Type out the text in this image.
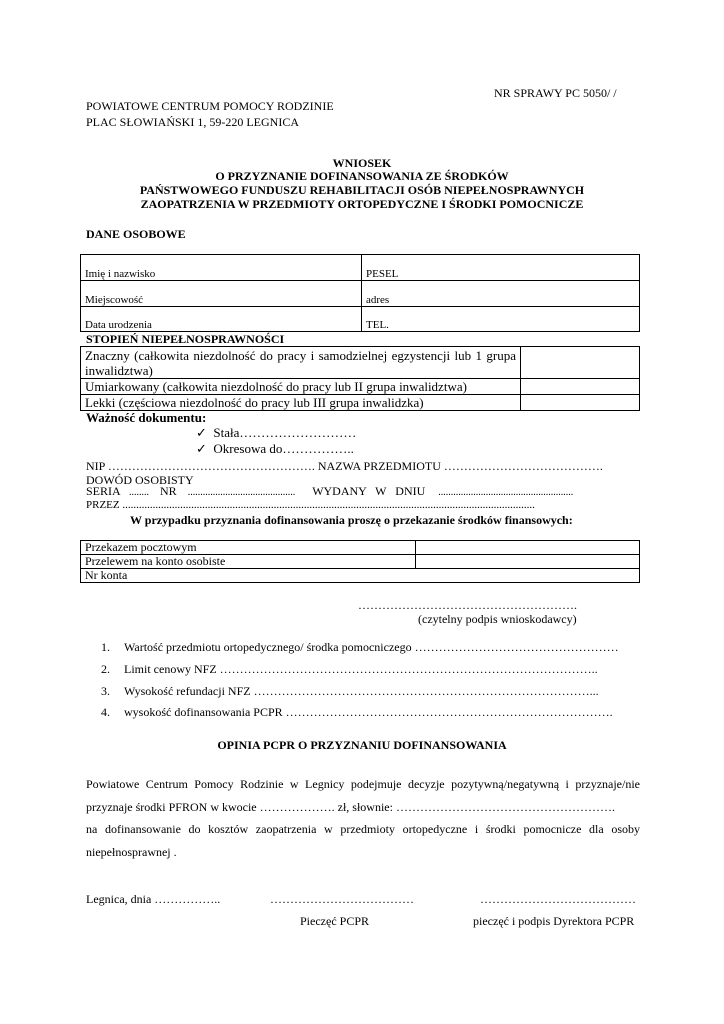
NR SPRAWY PC 5050/ /
POWIATOWE CENTRUM POMOCY RODZINIE
PLAC SŁOWIAŃSKI 1, 59-220 LEGNICA
WNIOSEK
O PRZYZNANIE DOFINANSOWANIA ZE ŚRODKÓW
PAŃSTWOWEGO FUNDUSZU REHABILITACJI OSÓB NIEPEŁNOSPRAWNYCH
ZAOPATRZENIA W PRZEDMIOTY ORTOPEDYCZNE I ŚRODKI POMOCNICZE
DANE OSOBOWE
Imię i nazwisko	PESEL
Miejscowość	adres
Data urodzenia	TEL.
STOPIEŃ NIEPEŁNOSPRAWNOŚCI
Znaczny (całkowita niezdolność do pracy i samodzielnej egzystencji lub 1 grupa inwalidztwa)	
Umiarkowany (całkowita niezdolność do pracy lub II grupa inwalidztwa)	
Lekki (częściowa niezdolność do pracy lub III grupa inwalidzka)	
Ważność dokumentu:
✓ Stała………………………
✓ Okresowa do……………..
NIP ……………………………………………. NAZWA PRZEDMIOTU ………………………………….
DOWÓD OSOBISTY
SERIA ........ NR ........................................... WYDANY W DNIU ......................................................
PRZEZ ......................................................................................................................................................
W przypadku przyznania dofinansowania proszę o przekazanie środków finansowych:
Przekazem pocztowym	
Przelewem na konto osobiste	
Nr konta	
……………………………………………….
(czytelny podpis wnioskodawcy)
1. Wartość przedmiotu ortopedycznego/ środka pomocniczego ……………………………………………
2. Limit cenowy NFZ …………………………………………………………………………………..
3. Wysokość refundacji NFZ …………………………………………………………………………...
4. wysokość dofinansowania PCPR ……………………………………………………………………….
OPINIA PCPR O PRZYZNANIU DOFINANSOWANIA
Powiatowe Centrum Pomocy Rodzinie w Legnicy podejmuje decyzje pozytywną/negatywną i przyznaje/nie
przyznaje środki PFRON w kwocie ………………. zł, słownie: ……………………………………………….
na dofinansowanie do kosztów zaopatrzenia w przedmioty ortopedyczne i środki pomocnicze dla osoby
niepełnosprawnej .
Legnica, dnia ……………..	………………………………	…………………………………
Pieczęć PCPR	pieczęć i podpis Dyrektora PCPR
